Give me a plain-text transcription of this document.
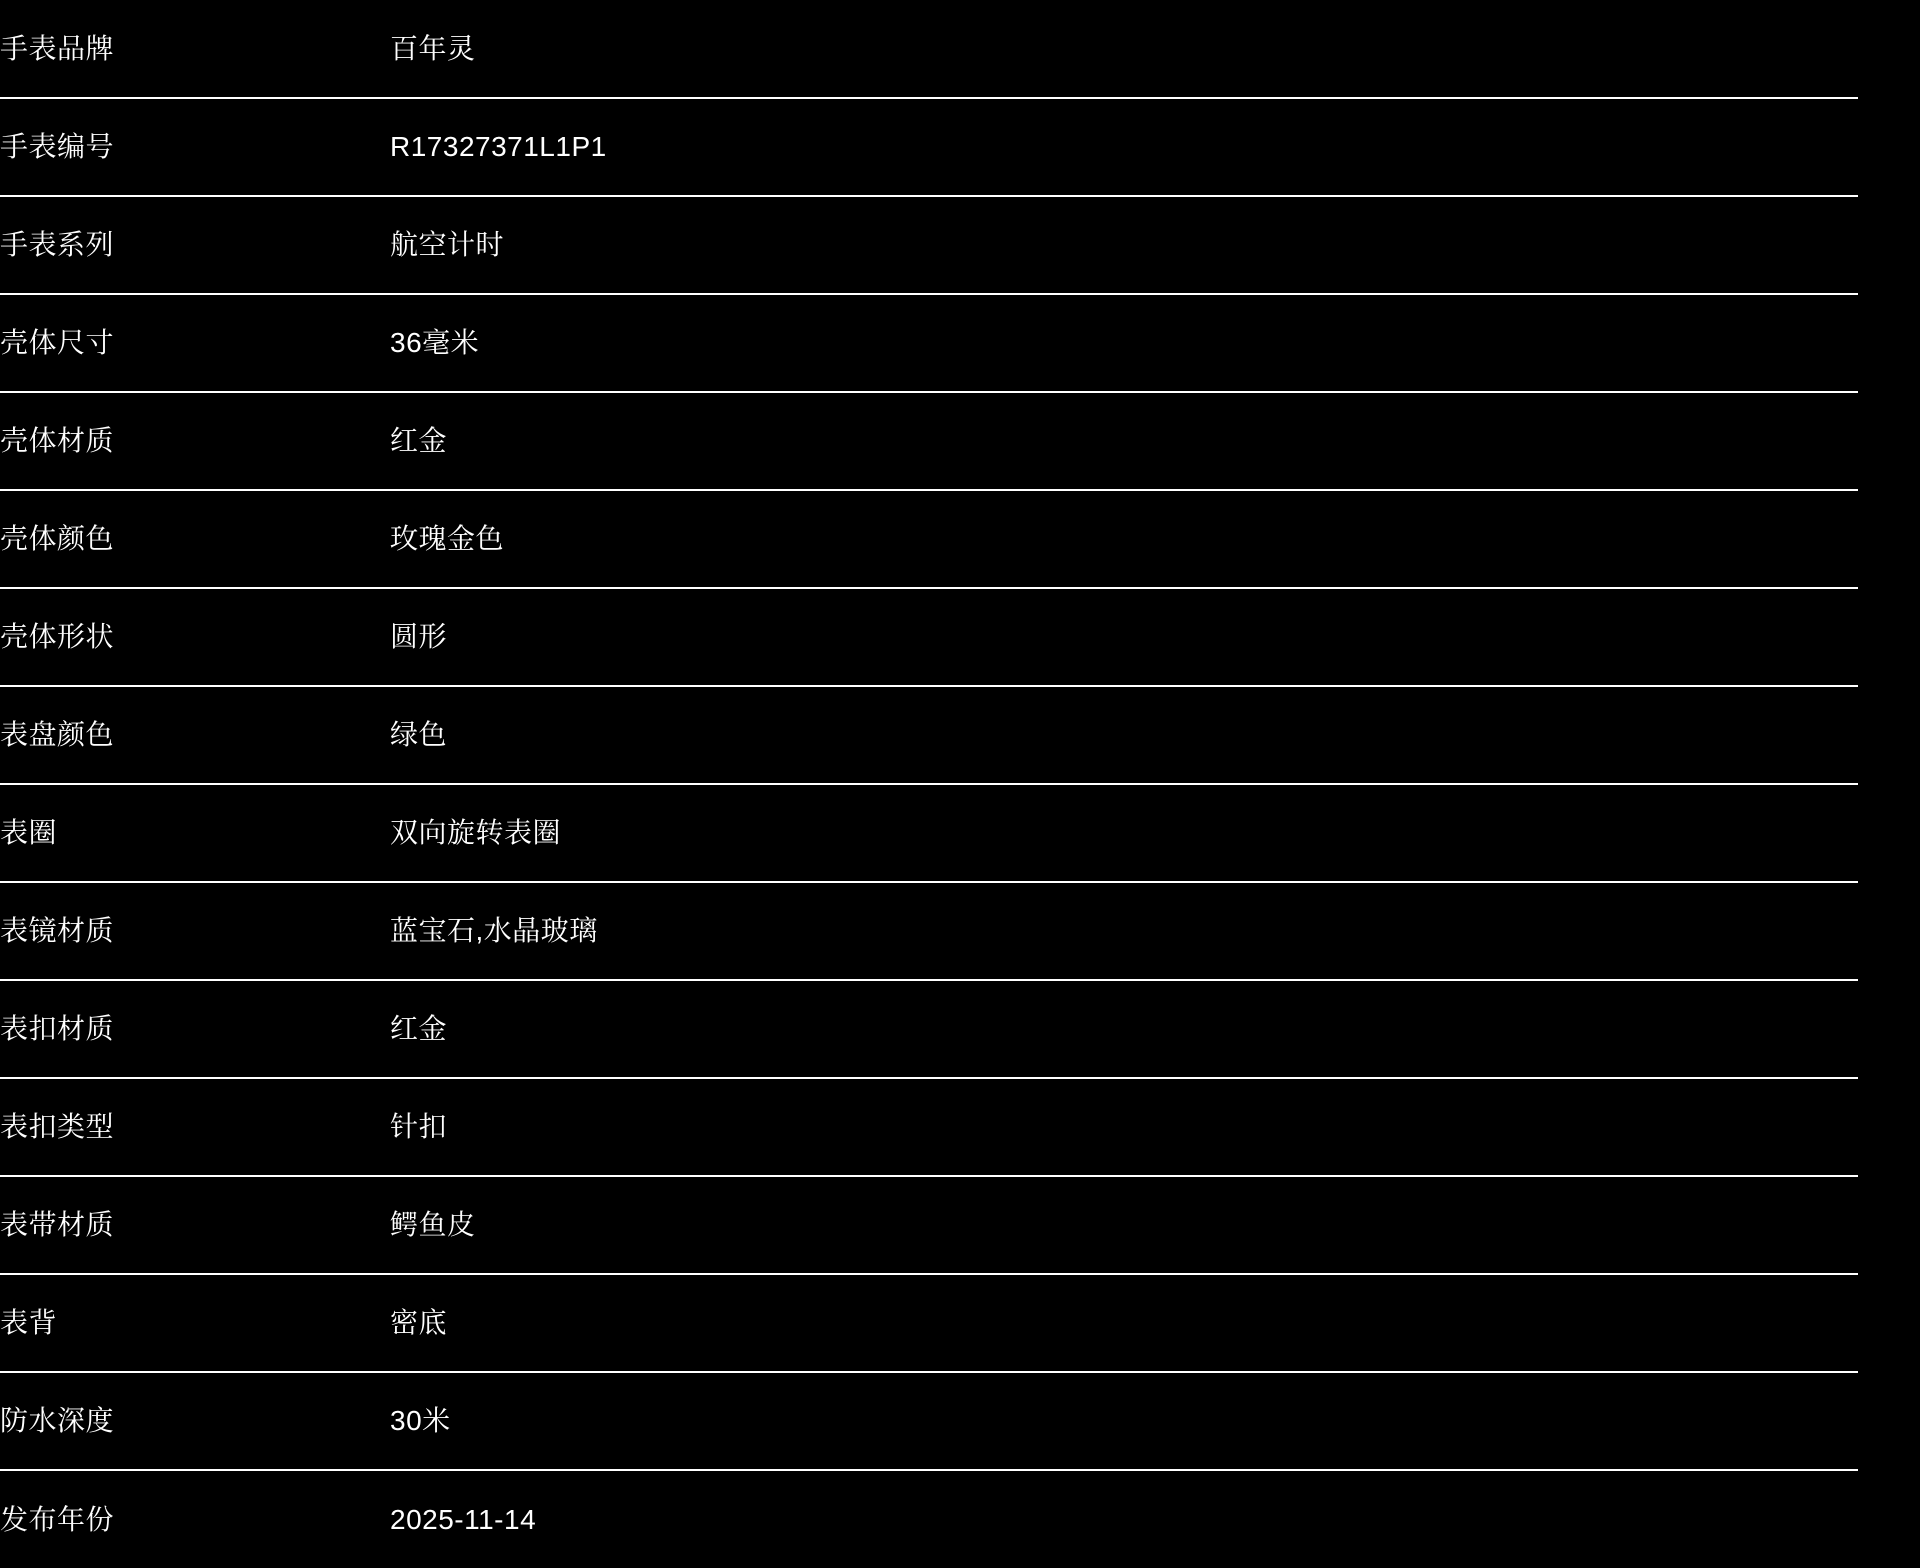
手表品牌	百年灵
手表编号	R17327371L1P1
手表系列	航空计时
壳体尺寸	36毫米
壳体材质	红金
壳体颜色	玫瑰金色
壳体形状	圆形
表盘颜色	绿色
表圈	双向旋转表圈
表镜材质	蓝宝石,水晶玻璃
表扣材质	红金
表扣类型	针扣
表带材质	鳄鱼皮
表背	密底
防水深度	30米
发布年份	2025-11-14
